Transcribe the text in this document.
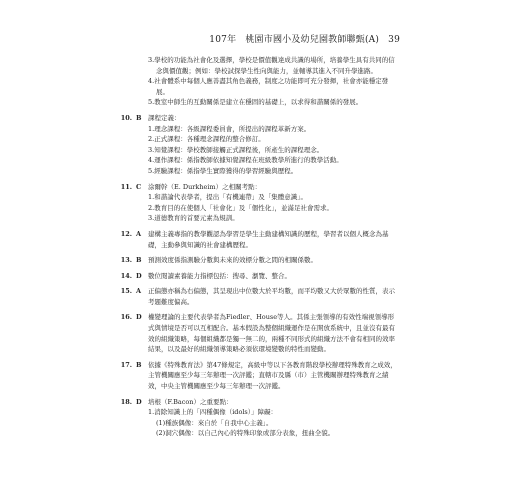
107年 桃園市國小及幼兒園教師聯甄(A) 39
3.學校的功能為社會化及選擇，學校是價值觀達成共識的場所，培養學生具有共同的信念與價值觀；例如：學校試探學生性向與能力，並輔導其進入不同升學進路。
4.社會體系中每個人應善盡其角色義務，制度之功能即可充分發揮，社會亦能穩定發展。
5.教室中師生的互動關係是建立在穩固的基礎上，以求得和諧關係的發展。
10. B	課程定義：
1.理念課程：各級課程委員會，所提出的課程革新方案。
2.正式課程：各種理念課程的整合修訂。
3.知覺課程：學校教師接觸正式課程後，所產生的課程理念。
4.運作課程：係指教師依據知覺課程在班級教學所進行的教學活動。
5.經驗課程：係指學生實際獲得的學習經驗與歷程。
11. C	涂爾幹（E. Durkheim）之相關考點：
1.和諧論代表學者，提出「有機連帶」及「集體意識」。
2.教育目的在使個人「社會化」及「個性化」，並滿足社會需求。
3.道德教育的首要元素為規訓。
12. A	建構主義專指的教學觀認為學習是學生主動建構知識的歷程，學習者以個人概念為基礎，主動參與知識的社會建構歷程。
13. B	預測效度係指測驗分數與未來的效標分數之間的相關係數。
14. D 數位閱讀素養能力指標包括：搜尋、瀏覽、整合。
15. A	正偏態亦稱為右偏態，其呈現出中位數大於平均數，而平均數又大於眾數的性質，表示考題難度偏高。
16. D 權變理論的主要代表學者為Fiedler、House等人。其係主張領導的有效性端視領導形式與情境是否可以互相配合。基本假設為整個組織運作是在開放系統中，且並沒有最有效的組織策略，每個組織都是獨一無二的，兩種不同形式的組織方法不會有相同的效率結果，以及最好的組織領導策略必須依環境變數的特性而變動。
17. B	依據《特殊教育法》第47條規定，高級中等以下各教育階段學校辦理特殊教育之成效，主管機關應至少每三年辦理一次評鑑；直轄市及縣（市）主管機關辦理特殊教育之績效，中央主管機關應至少每三年辦理一次評鑑。
18. D 培根（F.Bacon）之重要點：
1.消除知識上的「四種偶像（idols）」障礙：
(1)種族偶像：來自於「自我中心主義」。
(2)洞穴偶像：以自己內心的特殊印象或部分表象，扭曲全貌。
